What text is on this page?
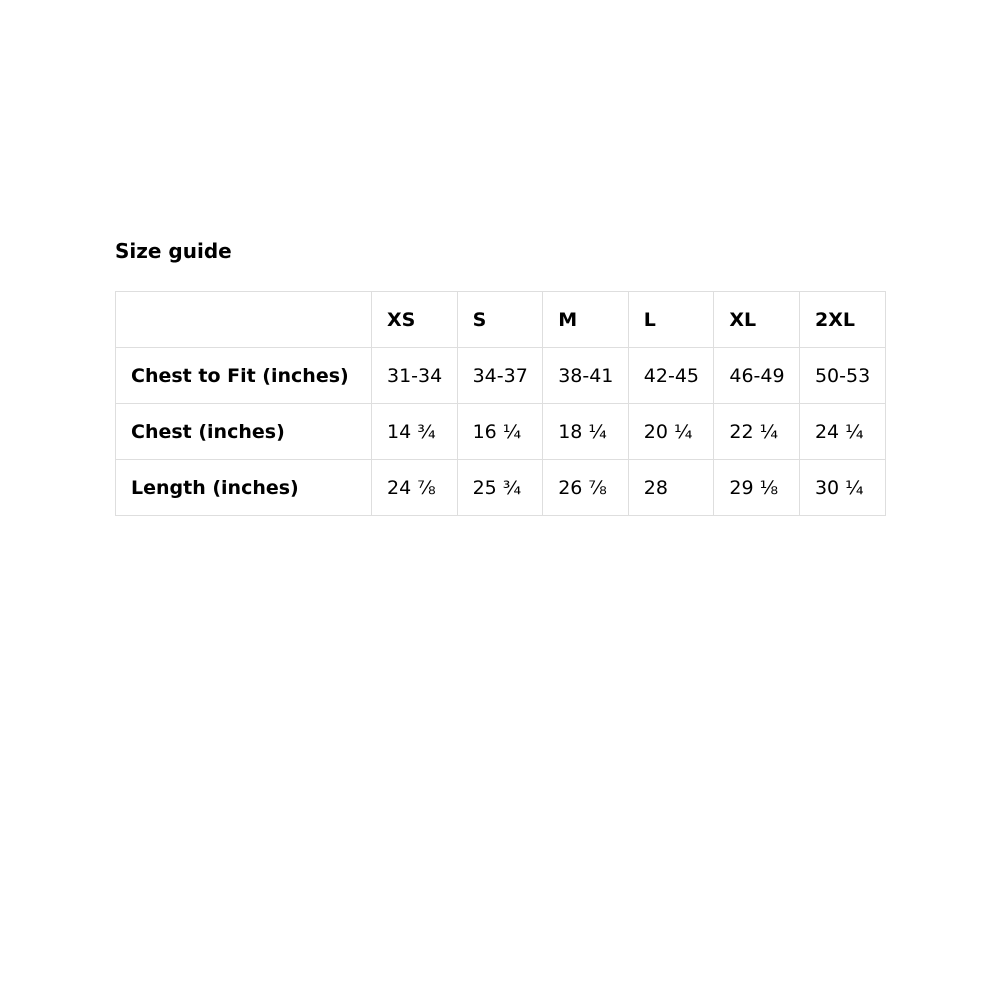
Size guide
	XS	S	M	L	XL	2XL
Chest to Fit (inches)	31-34	34-37	38-41	42-45	46-49	50-53
Chest (inches)	14 ¾	16 ¼	18 ¼	20 ¼	22 ¼	24 ¼
Length (inches)	24 ⅞	25 ¾	26 ⅞	28	29 ⅛	30 ¼
